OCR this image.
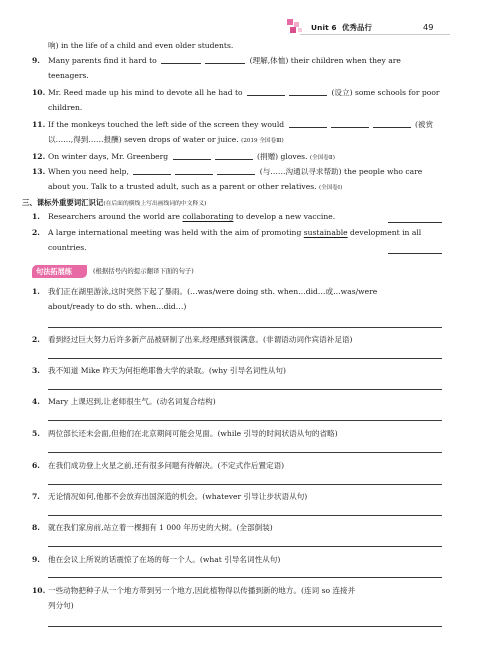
Unit 6 优秀品行	49
响) in the life of a child and even older students.
9. Many parents find it hard to	(理解,体恤) their children when they are
teenagers.
10. Mr. Reed made up his mind to devote all he had to	(设立) some schools for poor
children.
11. If the monkeys touched the left side of the screen they would	(被赏
以……,得到……报酬) seven drops of water or juice. (2019 全国卷Ⅲ)
12. On winter days, Mr. Greenberg	(捐赠) gloves. (全国卷Ⅱ)
13. When you need help,	(与……沟通以寻求帮助) the people who care
about you. Talk to a trusted adult, such as a parent or other relatives. (全国卷Ⅰ)
三、课标外重要词汇识记(在后面的横线上写出画线词的中文释义)
1. Researchers around the world are collaborating to develop a new vaccine.
2. A large international meeting was held with the aim of promoting sustainable development in all
countries.
句法拓展练	(根据括号内的提示翻译下面的句子)
1. 我们正在湖里游泳,这时突然下起了暴雨。(…was/were doing sth. when…did…或…was/were
about/ready to do sth. when…did…)
2. 看到经过巨大努力后许多新产品被研制了出来,经理感到很满意。(非谓语动词作宾语补足语)
3. 我不知道 Mike 昨天为何拒绝耶鲁大学的录取。(why 引导名词性从句)
4. Mary 上课迟到,让老师很生气。(动名词复合结构)
5. 两位部长还未会面,但他们在北京期间可能会见面。(while 引导的时间状语从句的省略)
6. 在我们成功登上火星之前,还有很多问题有待解决。(不定式作后置定语)
7. 无论情况如何,他都不会放弃出国深造的机会。(whatever 引导让步状语从句)
8. 就在我们家房前,站立着一棵拥有 1 000 年历史的大树。(全部倒装)
9. 他在会议上所说的话震惊了在场的每一个人。(what 引导名词性从句)
10. 一些动物把种子从一个地方带到另一个地方,因此植物得以传播到新的地方。(连词 so 连接并
列分句)
